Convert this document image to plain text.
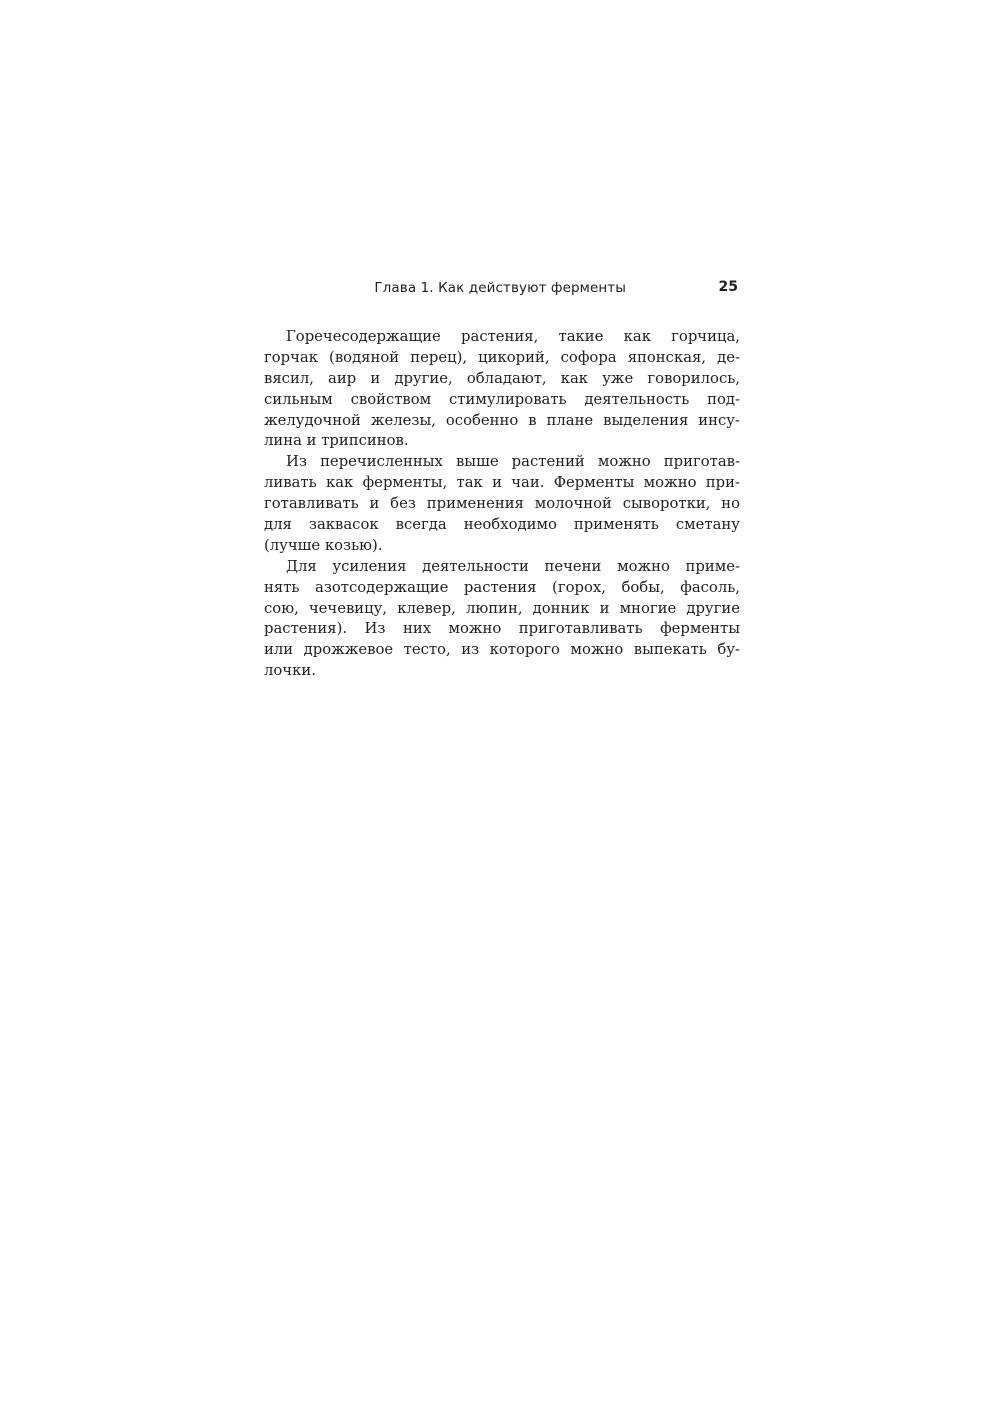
Глава 1. Как действуют ферменты	25
Горечесодержащие растения, такие как горчица,
горчак (водяной перец), цикорий, софора японская, де-
вясил, аир и другие, обладают, как уже говорилось,
сильным свойством стимулировать деятельность под-
желудочной железы, особенно в плане выделения инсу-
лина и трипсинов.
Из перечисленных выше растений можно приготав-
ливать как ферменты, так и чаи. Ферменты можно при-
готавливать и без применения молочной сыворотки, но
для заквасок всегда необходимо применять сметану
(лучше козью).
Для усиления деятельности печени можно приме-
нять азотсодержащие растения (горох, бобы, фасоль,
сою, чечевицу, клевер, люпин, донник и многие другие
растения). Из них можно приготавливать ферменты
или дрожжевое тесто, из которого можно выпекать бу-
лочки.
